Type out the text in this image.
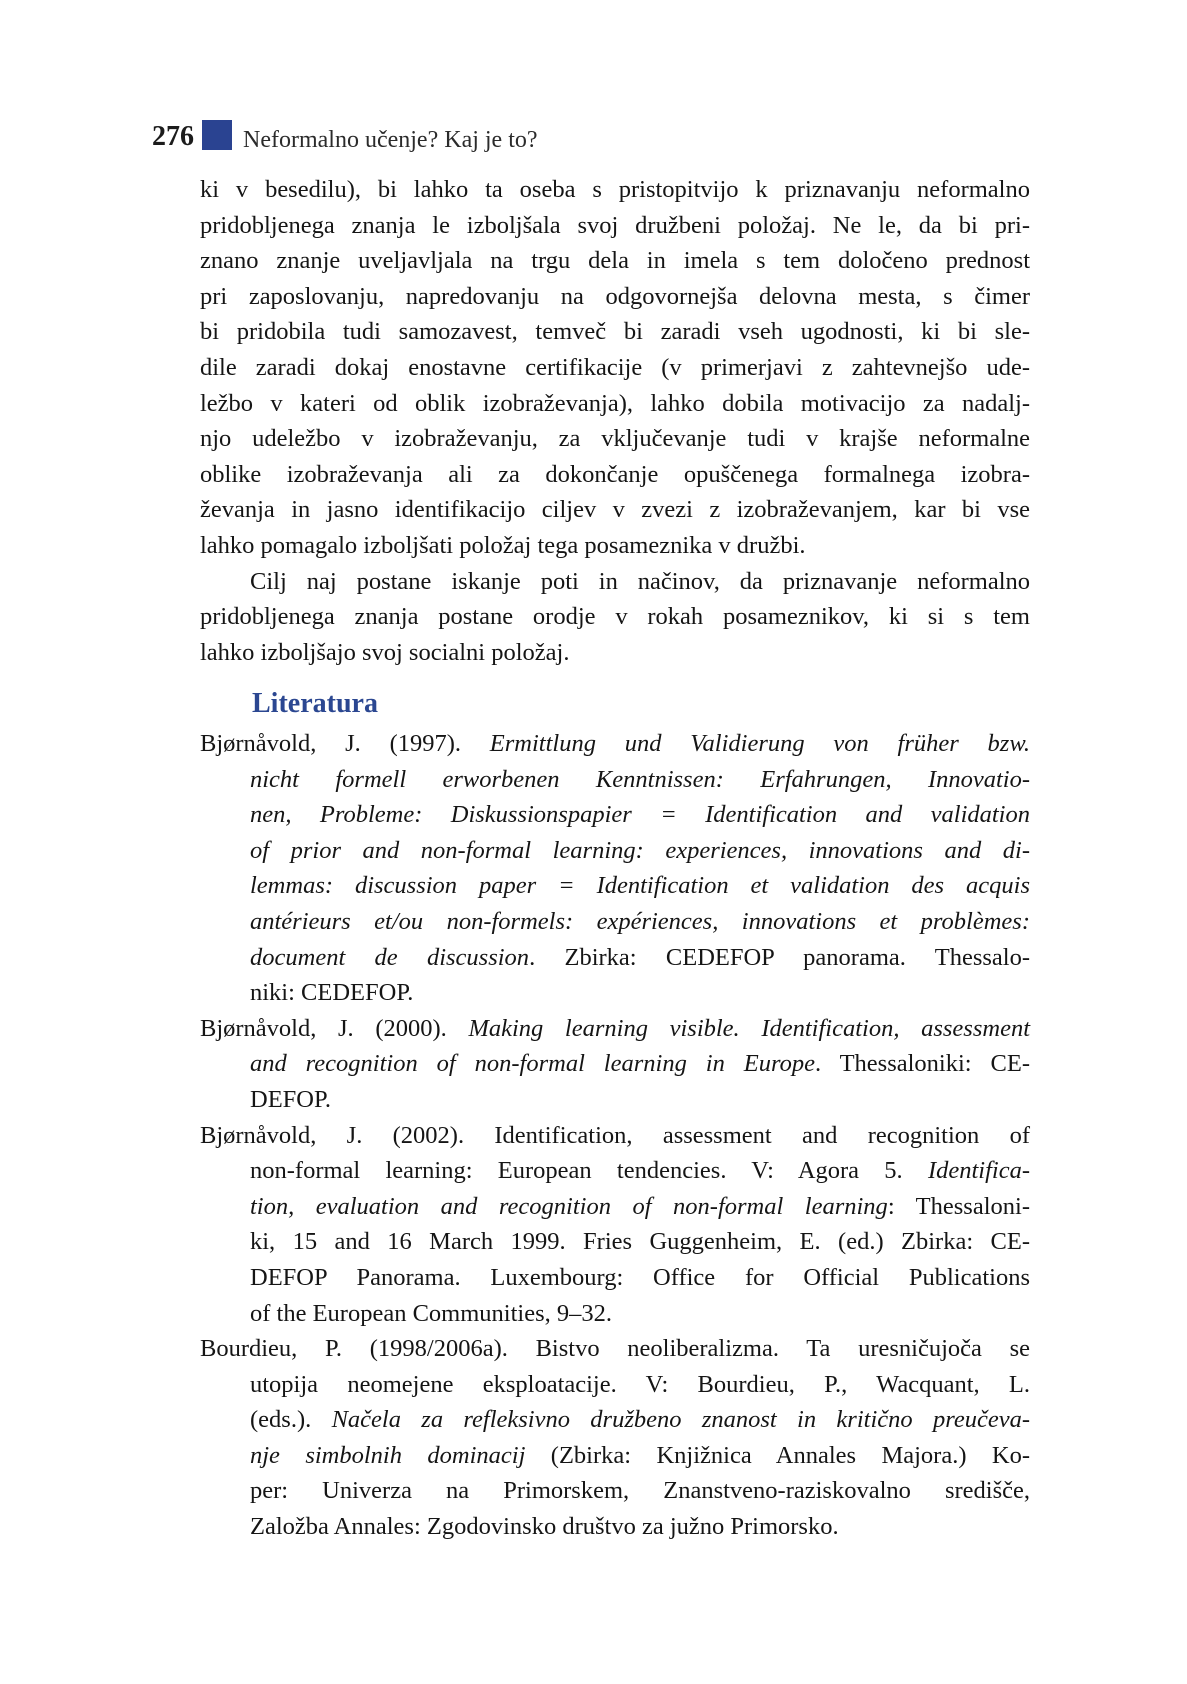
276 Neformalno učenje? Kaj je to?
ki v besedilu), bi lahko ta oseba s pristopitvijo k priznavanju neformalno
pridobljenega znanja le izboljšala svoj družbeni položaj. Ne le, da bi pri-
znano znanje uveljavljala na trgu dela in imela s tem določeno prednost
pri zaposlovanju, napredovanju na odgovornejša delovna mesta, s čimer
bi pridobila tudi samozavest, temveč bi zaradi vseh ugodnosti, ki bi sle-
dile zaradi dokaj enostavne certifikacije (v primerjavi z zahtevnejšo ude-
ležbo v kateri od oblik izobraževanja), lahko dobila motivacijo za nadalj-
njo udeležbo v izobraževanju, za vključevanje tudi v krajše neformalne
oblike izobraževanja ali za dokončanje opuščenega formalnega izobra-
ževanja in jasno identifikacijo ciljev v zvezi z izobraževanjem, kar bi vse
lahko pomagalo izboljšati položaj tega posameznika v družbi.
Cilj naj postane iskanje poti in načinov, da priznavanje neformalno
pridobljenega znanja postane orodje v rokah posameznikov, ki si s tem
lahko izboljšajo svoj socialni položaj.
Literatura
Bjørnåvold, J. (1997). Ermittlung und Validierung von früher bzw.
nicht formell erworbenen Kenntnissen: Erfahrungen, Innovatio-
nen, Probleme: Diskussionspapier = Identification and validation
of prior and non-formal learning: experiences, innovations and di-
lemmas: discussion paper = Identification et validation des acquis
antérieurs et/ou non-formels: expériences, innovations et problèmes:
document de discussion. Zbirka: CEDEFOP panorama. Thessalo-
niki: CEDEFOP.
Bjørnåvold, J. (2000). Making learning visible. Identification, assessment
and recognition of non-formal learning in Europe. Thessaloniki: CE-
DEFOP.
Bjørnåvold, J. (2002). Identification, assessment and recognition of
non-formal learning: European tendencies. V: Agora 5. Identifica-
tion, evaluation and recognition of non-formal learning: Thessaloni-
ki, 15 and 16 March 1999. Fries Guggenheim, E. (ed.) Zbirka: CE-
DEFOP Panorama. Luxembourg: Office for Official Publications
of the European Communities, 9–32.
Bourdieu, P. (1998/2006a). Bistvo neoliberalizma. Ta uresničujoča se
utopija neomejene eksploatacije. V: Bourdieu, P., Wacquant, L.
(eds.). Načela za refleksivno družbeno znanost in kritično preučeva-
nje simbolnih dominacij (Zbirka: Knjižnica Annales Majora.) Ko-
per: Univerza na Primorskem, Znanstveno-raziskovalno središče,
Založba Annales: Zgodovinsko društvo za južno Primorsko.
